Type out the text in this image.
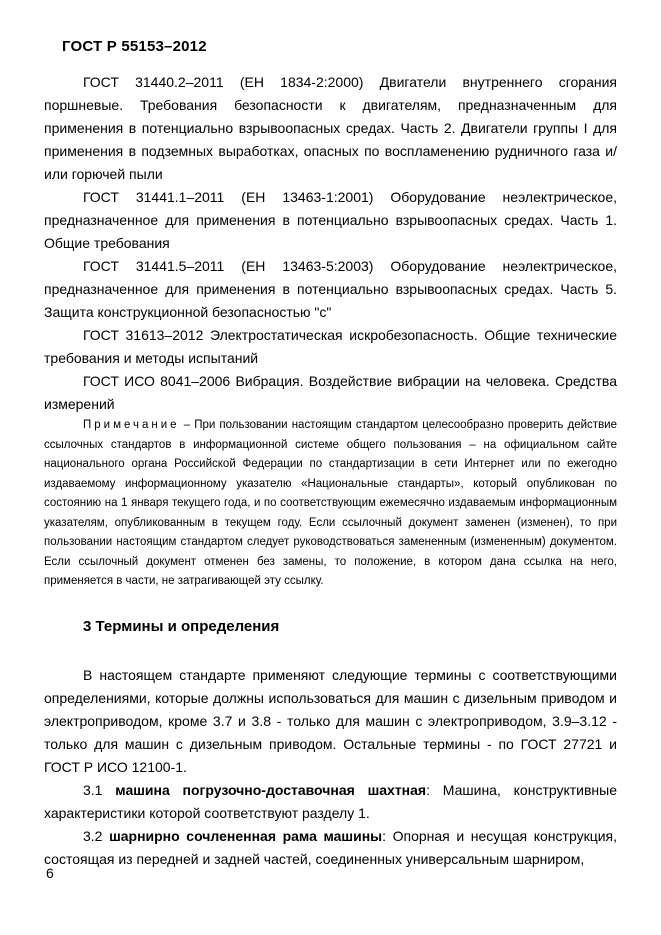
ГОСТ Р 55153–2012

ГОСТ 31440.2–2011 (ЕН 1834-2:2000) Двигатели внутреннего сгорания поршневые. Требования безопасности к двигателям, предназначенным для применения в потенциально взрывоопасных средах. Часть 2. Двигатели группы I для применения в подземных выработках, опасных по воспламенению рудничного газа и/или горючей пыли

ГОСТ 31441.1–2011 (ЕН 13463-1:2001) Оборудование неэлектрическое, предназначенное для применения в потенциально взрывоопасных средах. Часть 1. Общие требования

ГОСТ 31441.5–2011 (ЕН 13463-5:2003) Оборудование неэлектрическое, предназначенное для применения в потенциально взрывоопасных средах. Часть 5. Защита конструкционной безопасностью "с"

ГОСТ 31613–2012 Электростатическая искробезопасность. Общие технические требования и методы испытаний

ГОСТ ИСО 8041–2006 Вибрация. Воздействие вибрации на человека. Средства измерений

Примечание – При пользовании настоящим стандартом целесообразно проверить действие ссылочных стандартов в информационной системе общего пользования – на официальном сайте национального органа Российской Федерации по стандартизации в сети Интернет или по ежегодно издаваемому информационному указателю «Национальные стандарты», который опубликован по состоянию на 1 января текущего года, и по соответствующим ежемесячно издаваемым информационным указателям, опубликованным в текущем году. Если ссылочный документ заменен (изменен), то при пользовании настоящим стандартом следует руководствоваться замененным (измененным) документом. Если ссылочный документ отменен без замены, то положение, в котором дана ссылка на него, применяется в части, не затрагивающей эту ссылку.

3 Термины и определения

В настоящем стандарте применяют следующие термины с соответствующими определениями, которые должны использоваться для машин с дизельным приводом и электроприводом, кроме 3.7 и 3.8 - только для машин с электроприводом, 3.9–3.12 - только для машин с дизельным приводом. Остальные термины - по ГОСТ 27721 и ГОСТ Р ИСО 12100-1.

3.1 машина погрузочно-доставочная шахтная: Машина, конструктивные характеристики которой соответствуют разделу 1.

3.2 шарнирно сочлененная рама машины: Опорная и несущая конструкция, состоящая из передней и задней частей, соединенных универсальным шарниром,

6
